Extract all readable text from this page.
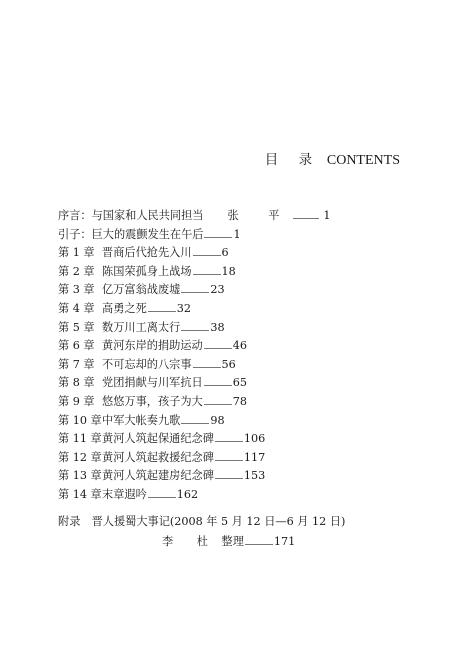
目 录 CONTENTS
序言：与国家和人民共同担当 张 平	1
引子：巨大的震颤发生在午后	1
第 1 章 晋商后代抢先入川	6
第 2 章 陈国荣孤身上战场	18
第 3 章 亿万富翁战废墟	23
第 4 章 高勇之死	32
第 5 章 数万川工离太行	38
第 6 章 黄河东岸的捐助运动	46
第 7 章 不可忘却的八宗事	56
第 8 章 党团捐献与川军抗日	65
第 9 章 悠悠万事，孩子为大	78
第 10 章中军大帐奏九歌	98
第 11 章黄河人筑起保通纪念碑	106
第 12 章黄河人筑起救援纪念碑	117
第 13 章黄河人筑起建房纪念碑	153
第 14 章末章遐吟	162
附录 晋人援蜀大事记(2008 年 5 月 12 日—6 月 12 日)
李 杜 整理	171
